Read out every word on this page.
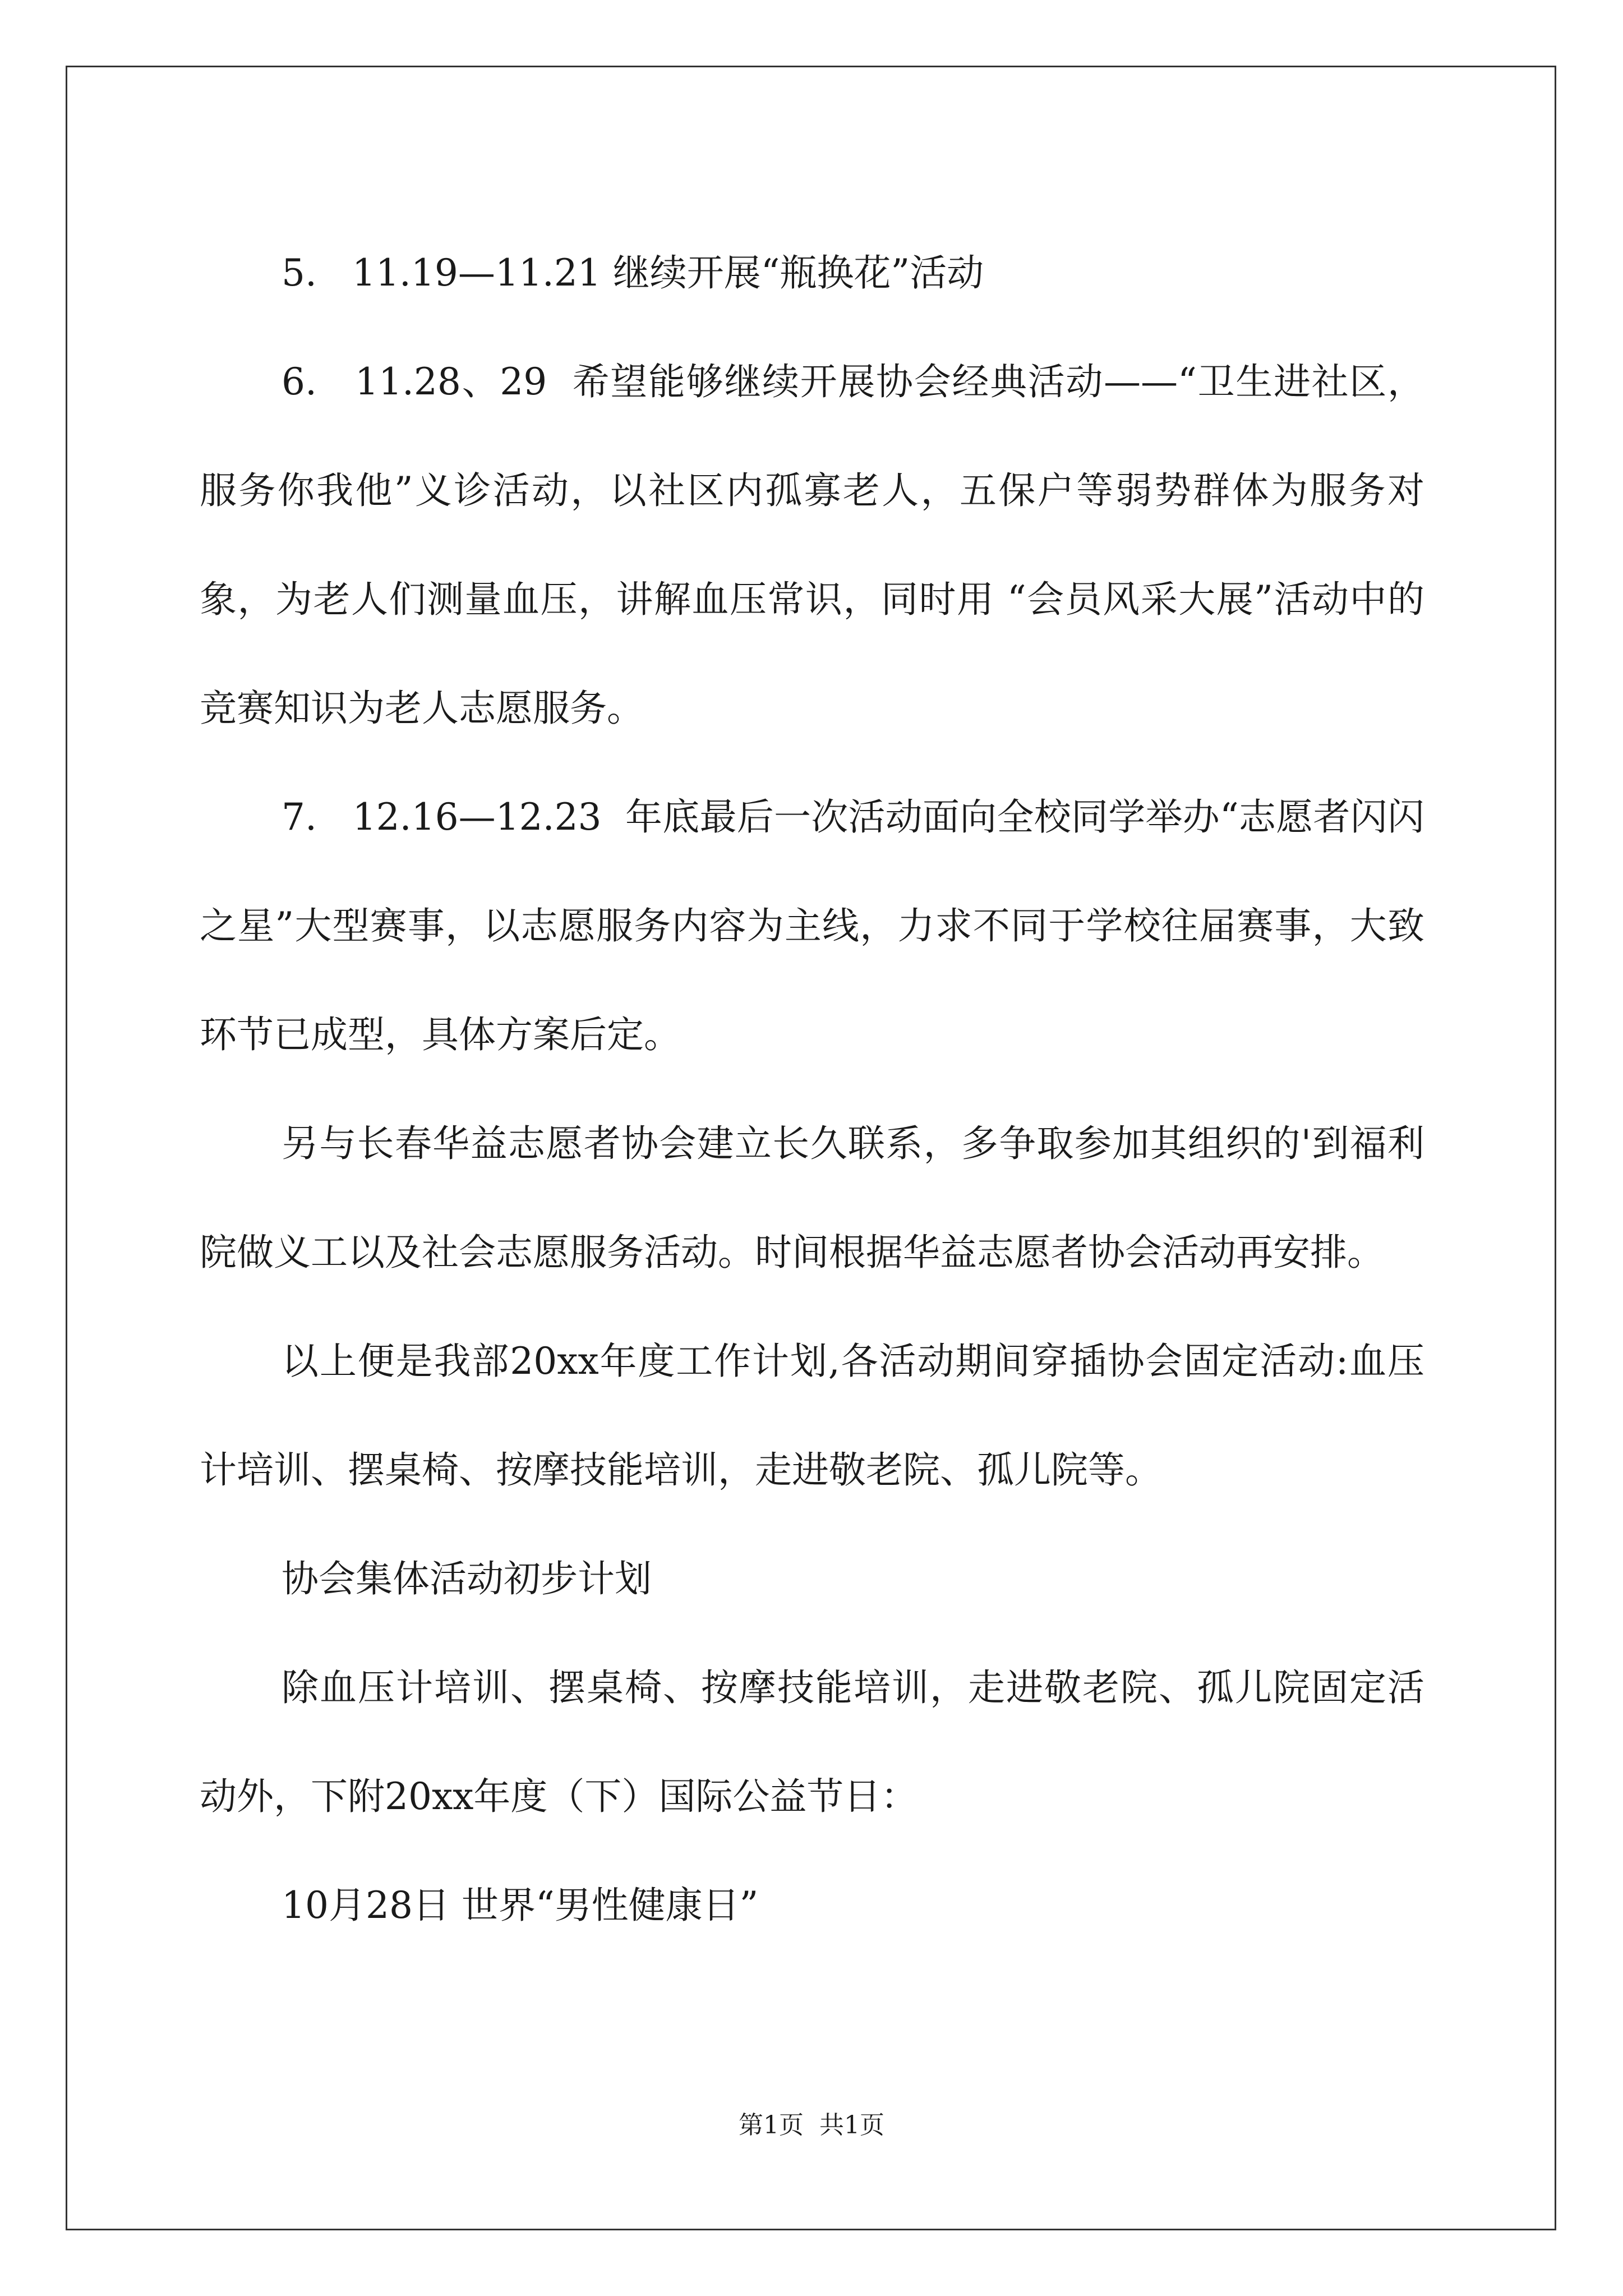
5.   11.19—11.21 继续开展“瓶换花”活动

6.   11.28、29  希望能够继续开展协会经典活动——“卫生进社区，服务你我他”义诊活动，以社区内孤寡老人，五保户等弱势群体为服务对象，为老人们测量血压，讲解血压常识，同时用 “会员风采大展”活动中的竞赛知识为老人志愿服务。

7.   12.16—12.23  年底最后一次活动面向全校同学举办“志愿者闪闪之星”大型赛事，以志愿服务内容为主线，力求不同于学校往届赛事，大致环节已成型，具体方案后定。

另与长春华益志愿者协会建立长久联系，多争取参加其组织的'到福利院做义工以及社会志愿服务活动。时间根据华益志愿者协会活动再安排。

以上便是我部20xx年度工作计划,各活动期间穿插协会固定活动:血压计培训、摆桌椅、按摩技能培训，走进敬老院、孤儿院等。

协会集体活动初步计划

除血压计培训、摆桌椅、按摩技能培训，走进敬老院、孤儿院固定活动外，下附20xx年度（下）国际公益节日：

10月28日 世界“男性健康日”

第1页  共1页
